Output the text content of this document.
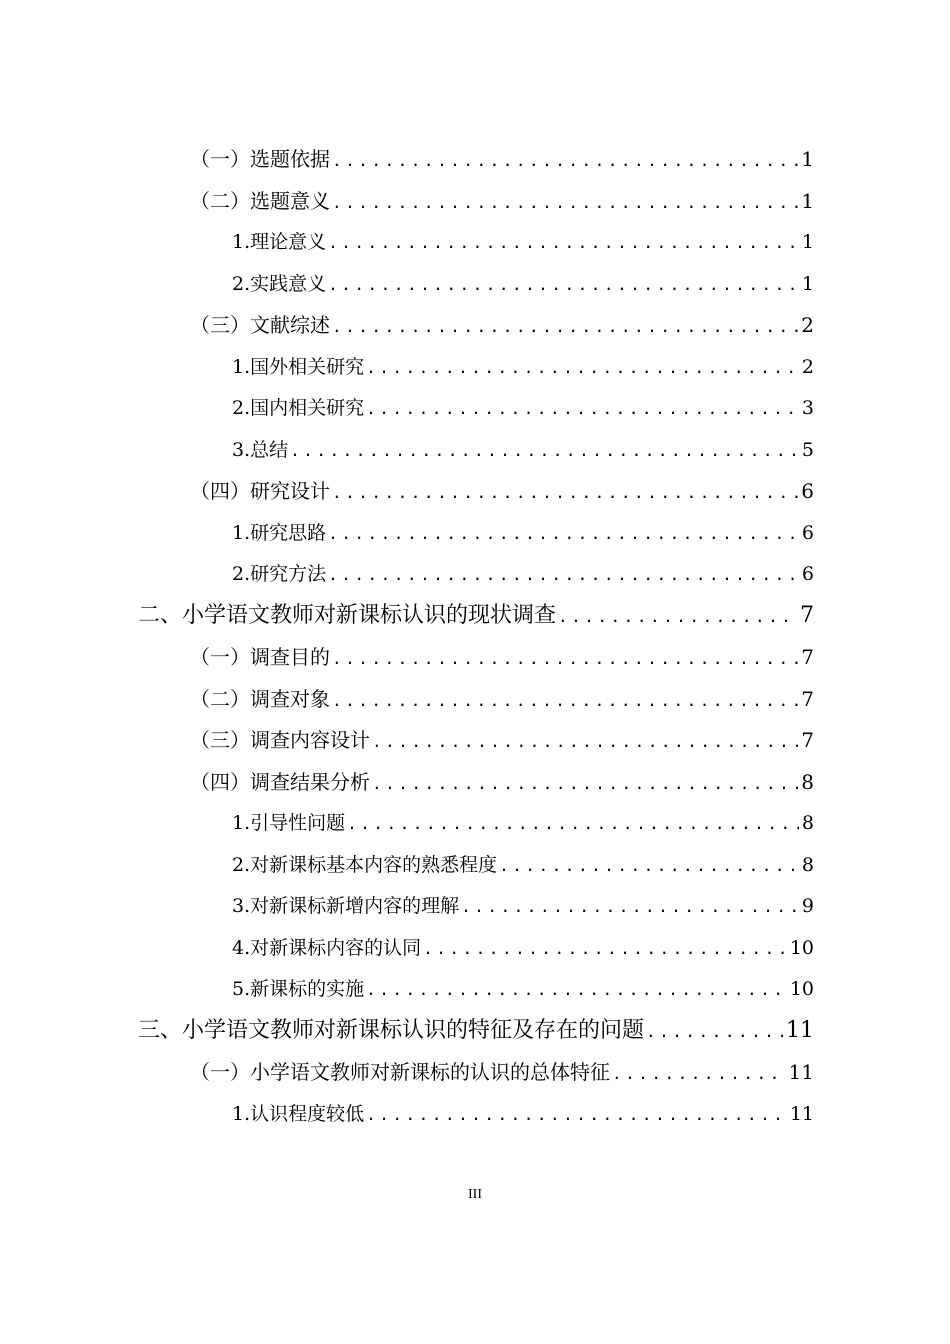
（一）选题依据 .....	1
（二）选题意义 .....	1
1.理论意义 .....	1
2.实践意义 .....	1
（三）文献综述 .....	2
1.国外相关研究 .....	2
2.国内相关研究 .....	3
3.总结 .....	5
（四）研究设计 .....	6
1.研究思路 .....	6
2.研究方法 .....	6
二、小学语文教师对新课标认识的现状调查 .....	7
（一）调查目的 .....	7
（二）调查对象 .....	7
（三）调查内容设计 .....	7
（四）调查结果分析 .....	8
1.引导性问题 .....	8
2.对新课标基本内容的熟悉程度 .....	8
3.对新课标新增内容的理解 .....	9
4.对新课标内容的认同 .....	10
5.新课标的实施 .....	10
三、小学语文教师对新课标认识的特征及存在的问题 .....	11
（一）小学语文教师对新课标的认识的总体特征 .....	11
1.认识程度较低 .....	11
III
